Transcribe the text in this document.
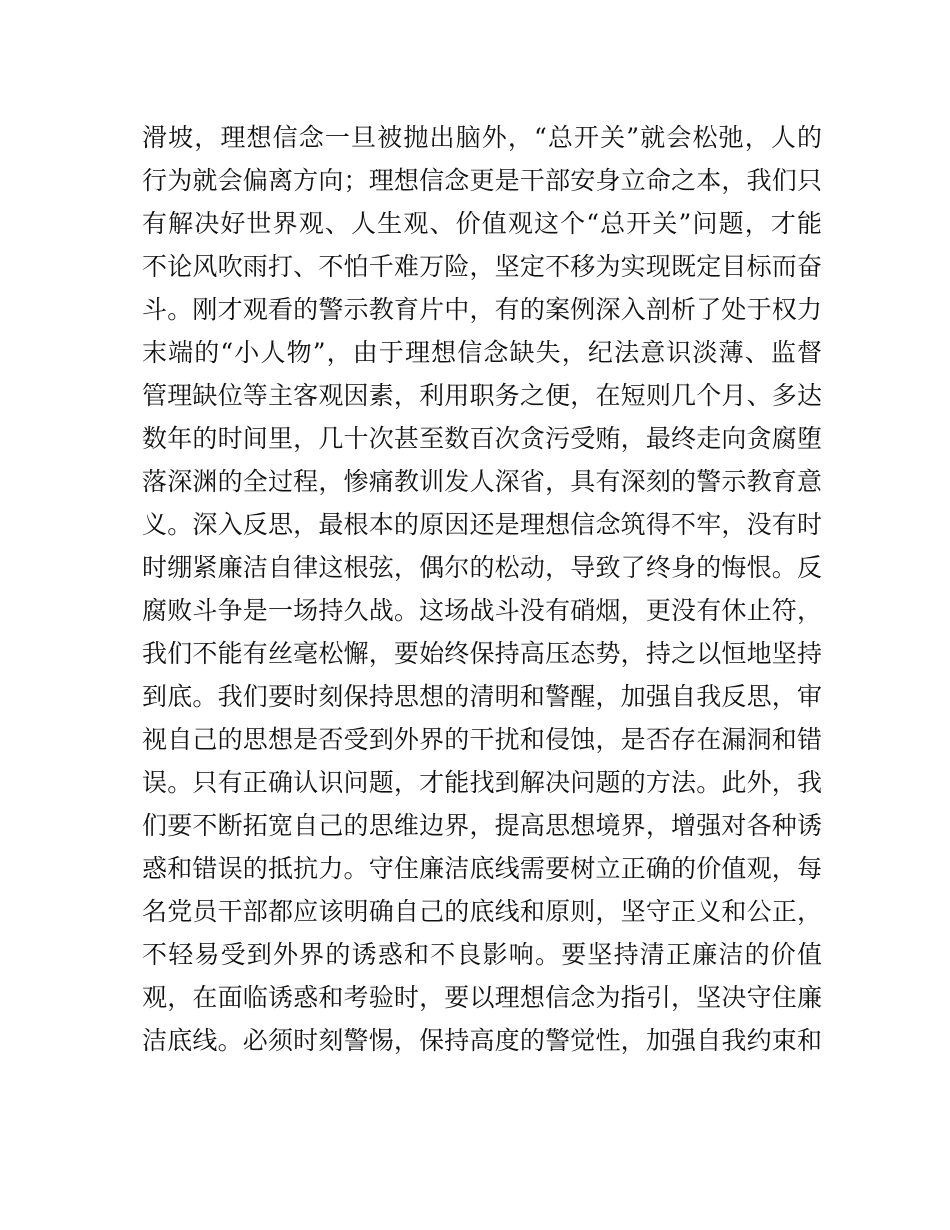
滑坡，理想信念一旦被抛出脑外，“总开关”就会松弛，人的
行为就会偏离方向；理想信念更是干部安身立命之本，我们只
有解决好世界观、人生观、价值观这个“总开关”问题，才能
不论风吹雨打、不怕千难万险，坚定不移为实现既定目标而奋
斗。刚才观看的警示教育片中，有的案例深入剖析了处于权力
末端的“小人物”，由于理想信念缺失，纪法意识淡薄、监督
管理缺位等主客观因素，利用职务之便，在短则几个月、多达
数年的时间里，几十次甚至数百次贪污受贿，最终走向贪腐堕
落深渊的全过程，惨痛教训发人深省，具有深刻的警示教育意
义。深入反思，最根本的原因还是理想信念筑得不牢，没有时
时绷紧廉洁自律这根弦，偶尔的松动，导致了终身的悔恨。反
腐败斗争是一场持久战。这场战斗没有硝烟，更没有休止符，
我们不能有丝毫松懈，要始终保持高压态势，持之以恒地坚持
到底。我们要时刻保持思想的清明和警醒，加强自我反思，审
视自己的思想是否受到外界的干扰和侵蚀，是否存在漏洞和错
误。只有正确认识问题，才能找到解决问题的方法。此外，我
们要不断拓宽自己的思维边界，提高思想境界，增强对各种诱
惑和错误的抵抗力。守住廉洁底线需要树立正确的价值观，每
名党员干部都应该明确自己的底线和原则，坚守正义和公正，
不轻易受到外界的诱惑和不良影响。要坚持清正廉洁的价值
观，在面临诱惑和考验时，要以理想信念为指引，坚决守住廉
洁底线。必须时刻警惕，保持高度的警觉性，加强自我约束和
